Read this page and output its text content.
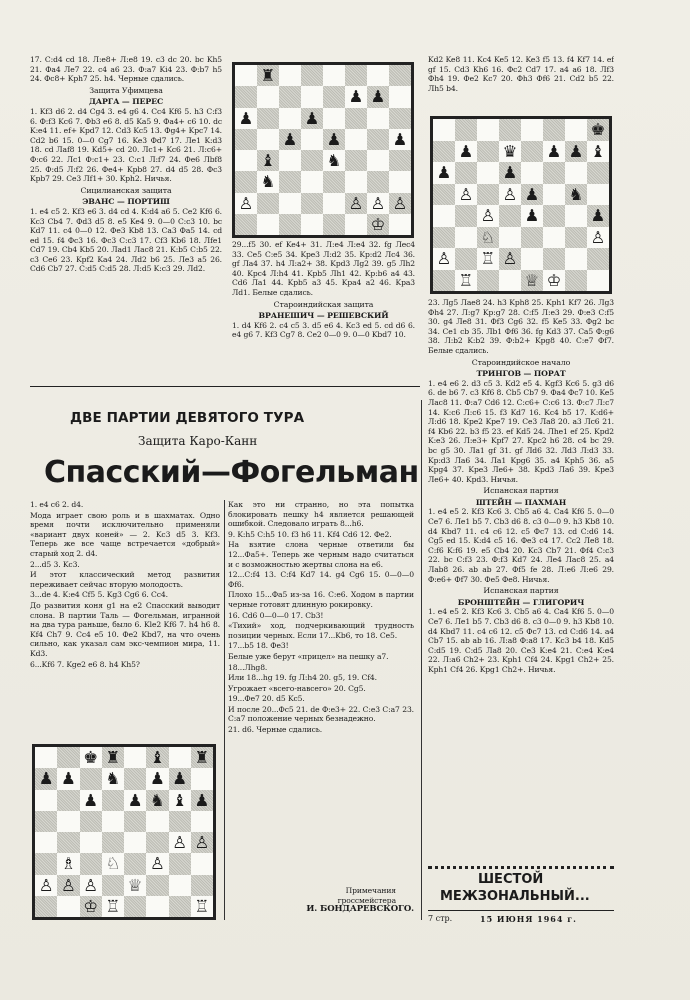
17. С:d4 cd 18. Л:e8+ Л:e8 19. c3 dc 20. bc Kh5 21. Фa4 Ле7 22. c4 a6 23. Ф:a7 Ki4 23. Ф:b7 h5 24. Фc8+ Kph7 25. h4. Черные сдались.

Защита Уфимцева
ДАРГА — ПЕРЕС

1. Kf3 d6 2. d4 Cg4 3. e4 g6 4. Cc4 Kf6 5. h3 C:f3 6. Ф:f3 Kc6 7. Фb3 e6 8. d5 Ka5 9. Фa4+ c6 10. dc K:e4 11. ef+ Kpd7 12. Cd3 Kc5 13. Фg4+ Kpc7 14. Cd2 b6 15. 0—0 Cg7 16. Ke3 Фd7 17. Ле1 K:d3 18. cd Лаf8 19. Kd5+ cd 20. Лc1+ Kc6 21. Л:c6+ Ф:c6 22. Лc1 Ф:c1+ 23. C:c1 Л:f7 24. Фe6 Лbf8 25. Ф:d5 Л:f2 26. Фe4+ Kpb8 27. d4 d5 28. Фc3 Kpb7 29. Ce3 Лf1+ 30. Kph2. Ничья.

Сицилианская защита
ЭВАНС — ПОРТИШ

1. e4 c5 2. Kf3 e6 3. d4 cd 4. K:d4 a6 5. Ce2 Kf6 6. Kc3 Cb4 7. Фd3 d5 8. e5 Ke4 9. 0—0 C:c3 10. bc Kd7 11. c4 0—0 12. Фe3 Kb8 13. Ca3 Фa5 14. cd ed 15. f4 Фc3 16. Фc3 C:c3 17. Cf3 Kb6 18. Лfe1 Cd7 19. Cb4 Kb5 20. Лad1 Лac8 21. K:b5 C:b5 22. c3 Ce6 23. Kpf2 Ka4 24. Лd2 b6 25. Ле3 a5 26. Cd6 Cb7 27. C:d5 C:d5 28. Л:d5 K:c3 29. Лd2.

♜
♟ ♟
♟	♟
♟ ♟	♟
♝	♞
♞
♙	♙ ♙ ♙
♔

29...f5 30. ef Ke4+ 31. Л:e4 Л:e4 32. fg Лec4 33. Ce5 C:e5 34. Kpe3 Л:d2 35. Kp:d2 Лc4 36. gf Лa4 37. h4 Л:a2+ 38. Kpd3 Лg2 39. g5 Лh2 40. Kpc4 Л:h4 41. Kpb5 Лh1 42. Kp:b6 a4 43. Cd6 Лa1 44. Kpb5 a3 45. Kpa4 a2 46. Kpa3 Лd1. Белые сдались.

Староиндийская защита
ВРАНЕШИЧ — РЕШЕВСКИЙ

1. d4 Kf6 2. c4 c5 3. d5 e6 4. Kc3 ed 5. cd d6 6. e4 g6 7. Kf3 Cg7 8. Ce2 0—0 9. 0—0 Kbd7 10.

Kd2 Ke8 11. Kc4 Ke5 12. Ke3 f5 13. f4 Kf7 14. ef gf 15. Cd3 Kh6 16. Фc2 Cd7 17. a4 a6 18. Лf3 Фh4 19. Фe2 Kc7 20. Фh3 Фf6 21. Cd2 b5 22. Лh5 b4.

♚
♟ ♛ ♟ ♟ ♝
♟	♟
♙ ♙ ♟ ♞
♙ ♟	♟
♘	♙
♙ ♖ ♙
♖	♕ ♔

23. Лg5 Лae8 24. h3 Kph8 25. Kph1 Kf7 26. Лg3 Фh4 27. Л:g7 Kp:g7 28. C:f5 Л:e3 29. Ф:e3 C:f5 30. g4 Лe8 31. Фf3 Cg6 32. f5 Ke5 33. Фg2 bc 34. Ce1 cb 35. Лb1 Фf6 36. fg Kd3 37. Ca5 Ф:g6 38. Л:b2 K:b2 39. Ф:b2+ Kpg8 40. C:e7 Фf7. Белые сдались.

Староиндийское начало
ТРИНГОВ — ПОРАТ

1. e4 e6 2. d3 c5 3. Kd2 e5 4. Kgf3 Kc6 5. g3 d6 6. de b6 7. c3 Kf6 8. Cb5 Cb7 9. Фa4 Фc7 10. Ke5 Лac8 11. Ф:a7 Cd6 12. C:c6+ C:c6 13. Ф:c7 Л:c7 14. K:c6 Л:c6 15. f3 Kd7 16. Kc4 b5 17. K:d6+ Л:d6 18. Kpe2 Kpe7 19. Ce3 Лa8 20. a3 Лc6 21. f4 Kb6 22. b3 f5 23. ef Kd5 24. Лhe1 ef 25. Kpd2 K:e3 26. Л:e3+ Kpf7 27. Kpc2 h6 28. c4 bc 29. bc g5 30. Лa1 gf 31. gf Лd6 32. Лd3 Л:d3 33. Kp:d3 Лa6 34. Лa1 Kpg6 35. a4 Kph5 36. a5 Kpg4 37. Kpe3 Ле6+ 38. Kpd3 Лa6 39. Kpe3 Ле6+ 40. Kpd3. Ничья.

Испанская партия
ШТЕЙН — ПАХМАН

1. e4 e5 2. Kf3 Kc6 3. Cb5 a6 4. Ca4 Kf6 5. 0—0 Ce7 6. Ле1 b5 7. Cb3 d6 8. c3 0—0 9. h3 Kb8 10. d4 Kbd7 11. c4 c6 12. c5 Фc7 13. cd C:d6 14. Cg5 ed 15. K:d4 c5 16. Фe3 c4 17. Cc2 Лe8 18. C:f6 K:f6 19. e5 Cb4 20. Kc3 Cb7 21. Фf4 C:c3 22. bc C:f3 23. Ф:f3 Kd7 24. Ле4 Лac8 25. a4 Лab8 26. ab ab 27. Фf5 fe 28. Л:e6 Л:e6 29. Ф:e6+ Фf7 30. Фe5 Фe8. Ничья.

Испанская партия
БРОНШТЕЙН — ГЛИГОРИЧ

1. e4 e5 2. Kf3 Kc6 3. Cb5 a6 4. Ca4 Kf6 5. 0—0 Ce7 6. Ле1 b5 7. Cb3 d6 8. c3 0—0 9. h3 Kb8 10. d4 Kbd7 11. c4 c6 12. c5 Фc7 13. cd C:d6 14. a4 Cb7 15. ab ab 16. Л:a8 Ф:a8 17. Kc3 b4 18. Kd5 C:d5 19. C:d5 Лa8 20. Ce3 K:e4 21. C:e4 K:e4 22. Л:a6 Ch2+ 23. Kph1 Cf4 24. Kpg1 Ch2+ 25. Kph1 Cf4 26. Kpg1 Ch2+. Ничья.

ДВЕ ПАРТИИ ДЕВЯТОГО ТУРА
Защита Каро-Канн
Спасский—Фогельман

1. e4 c6 2. d4.

Мода играет свою роль и в шахматах. Одно время почти исключительно применяли «вариант двух коней» — 2. Kc3 d5 3. Kf3. Теперь же все чаще встречается «добрый» старый ход 2. d4.

2...d5 3. Kc3.

И этот классический метод развития переживает сейчас вторую молодость.

3...de 4. K:e4 Cf5 5. Kg3 Cg6 6. Cc4.

До развития коня g1 на e2 Спасский выводит слона. В партии Таль — Фогельман, игранной на два тура раньше, было 6. Kle2 Kf6 7. h4 h6 8. Kf4 Ch7 9. Cc4 e5 10. Фe2 Kbd7, на что очень сильно, как указал сам экс-чемпион мира, 11. Kd3.

6...Kf6 7. Kge2 e6 8. h4 Kh5?

♚ ♜ ♝ ♜
♟ ♟ ♞ ♟ ♟
♟ ♟ ♞ ♝ ♟
♙ ♙
♗ ♘ ♙
♙ ♙ ♙ ♕
♔ ♖	♖

Как это ни странно, но эта попытка блокировать пешку h4 является решающей ошибкой. Следовало играть 8...h6.

9. K:h5 C:h5 10. f3 h6 11. Kf4 Cd6 12. Фe2.

На взятие слона черные ответили бы 12...Фa5+. Теперь же черным надо считаться и с возможностью жертвы слона на e6.

12...C:f4 13. C:f4 Kd7 14. g4 Cg6 15. 0—0—0 Фf6.

Плохо 15...Фa5 из-за 16. C:e6. Ходом в партии черные готовят длинную рокировку.

16. Cd6 0—0—0 17. Cb3!

«Тихий» ход, подчеркивающий трудность позиции черных. Если 17...Kb6, то 18. Ce5.

17...b5 18. Фe3!

Белые уже берут «прицел» на пешку a7.

18...Лhg8.

Или 18...hg 19. fg Л:h4 20. g5, 19. Cf4.

Угрожает «всего-навсего» 20. Cg5.

19...Фe7 20. d5 Kc5.

И после 20...Фc5 21. de Ф:e3+ 22. C:e3 C:a7 23. C:a7 положение черных безнадежно.

21. d6. Черные сдались.

Примечания
гроссмейстера
И. БОНДАРЕВСКОГО.
ШЕСТОЙ
МЕЖЗОНАЛЬНЫЙ...
7 стр.	15 ИЮНЯ 1964 г.
